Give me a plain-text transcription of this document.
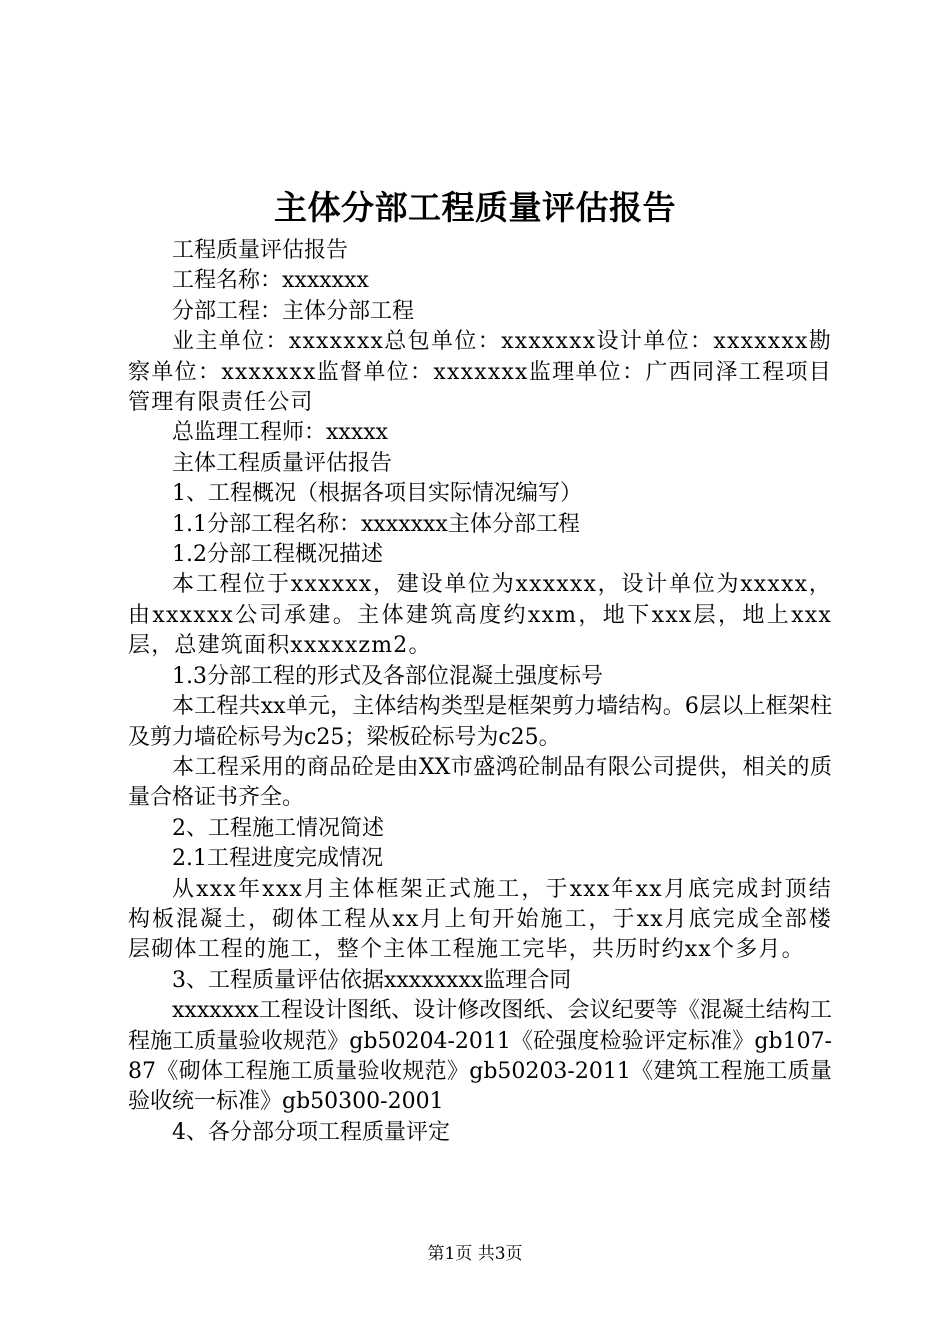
主体分部工程质量评估报告

工程质量评估报告

工程名称：xxxxxxx

分部工程：主体分部工程

业主单位：xxxxxxx总包单位：xxxxxxx设计单位：xxxxxxx勘察单位：xxxxxxx监督单位：xxxxxxx监理单位：广西同泽工程项目管理有限责任公司

总监理工程师：xxxxx

主体工程质量评估报告

1、工程概况（根据各项目实际情况编写）

1.1分部工程名称：xxxxxxx主体分部工程

1.2分部工程概况描述

本工程位于xxxxxx，建设单位为xxxxxx，设计单位为xxxxx，由xxxxxx公司承建。主体建筑高度约xxm，地下xxx层，地上xxx层，总建筑面积xxxxxzm2。

1.3分部工程的形式及各部位混凝土强度标号

本工程共xx单元，主体结构类型是框架剪力墙结构。6层以上框架柱及剪力墙砼标号为c25；梁板砼标号为c25。

本工程采用的商品砼是由XX市盛鸿砼制品有限公司提供，相关的质量合格证书齐全。

2、工程施工情况简述

2.1工程进度完成情况

从xxx年xxx月主体框架正式施工，于xxx年xx月底完成封顶结构板混凝土，砌体工程从xx月上旬开始施工，于xx月底完成全部楼层砌体工程的施工，整个主体工程施工完毕，共历时约xx个多月。

3、工程质量评估依据xxxxxxxx监理合同

xxxxxxx工程设计图纸、设计修改图纸、会议纪要等《混凝土结构工程施工质量验收规范》gb50204-2011《砼强度检验评定标准》gb107-87《砌体工程施工质量验收规范》gb50203-2011《建筑工程施工质量验收统一标准》gb50300-2001

4、各分部分项工程质量评定

第1页 共3页
